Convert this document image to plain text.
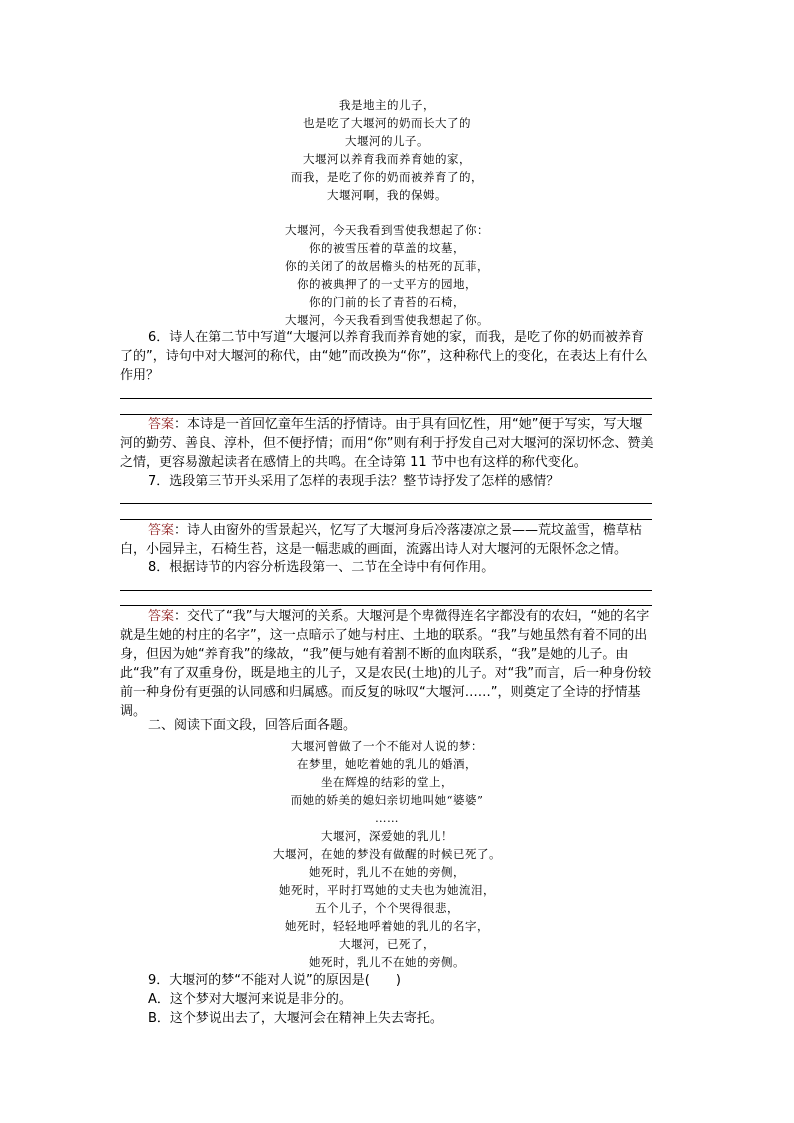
我是地主的儿子，
也是吃了大堰河的奶而长大了的
大堰河的儿子。
大堰河以养育我而养育她的家，
而我，是吃了你的奶而被养育了的，
大堰河啊，我的保姆。
大堰河，今天我看到雪使我想起了你：
你的被雪压着的草盖的坟墓，
你的关闭了的故居檐头的枯死的瓦菲，
你的被典押了的一丈平方的园地，
你的门前的长了青苔的石椅，
大堰河，今天我看到雪使我想起了你。

6．诗人在第二节中写道“大堰河以养育我而养育她的家，而我，是吃了你的奶而被养育了的”，诗句中对大堰河的称代，由“她”而改换为“你”，这种称代上的变化，在表达上有什么作用？

答案：本诗是一首回忆童年生活的抒情诗。由于具有回忆性，用“她”便于写实，写大堰河的勤劳、善良、淳朴，但不便抒情；而用“你”则有利于抒发自己对大堰河的深切怀念、赞美之情，更容易激起读者在感情上的共鸣。在全诗第 11 节中也有这样的称代变化。

7．选段第三节开头采用了怎样的表现手法？整节诗抒发了怎样的感情？

答案：诗人由窗外的雪景起兴，忆写了大堰河身后冷落凄凉之景——荒坟盖雪，檐草枯白，小园异主，石椅生苔，这是一幅悲戚的画面，流露出诗人对大堰河的无限怀念之情。

8．根据诗节的内容分析选段第一、二节在全诗中有何作用。

答案：交代了“我”与大堰河的关系。大堰河是个卑微得连名字都没有的农妇，“她的名字就是生她的村庄的名字”，这一点暗示了她与村庄、土地的联系。“我”与她虽然有着不同的出身，但因为她“养育我”的缘故，“我”便与她有着割不断的血肉联系，“我”是她的儿子。由此“我”有了双重身份，既是地主的儿子，又是农民(土地)的儿子。对“我”而言，后一种身份较前一种身份有更强的认同感和归属感。而反复的咏叹“大堰河……”，则奠定了全诗的抒情基调。

二、阅读下面文段，回答后面各题。

大堰河曾做了一个不能对人说的梦：
在梦里，她吃着她的乳儿的婚酒，
坐在辉煌的结彩的堂上，
而她的娇美的媳妇亲切地叫她“婆婆”
……
大堰河，深爱她的乳儿！
大堰河，在她的梦没有做醒的时候已死了。
她死时，乳儿不在她的旁侧，
她死时，平时打骂她的丈夫也为她流泪，
五个儿子，个个哭得很悲，
她死时，轻轻地呼着她的乳儿的名字，
大堰河，已死了，
她死时，乳儿不在她的旁侧。

9．大堰河的梦“不能对人说”的原因是(　　)

A．这个梦对大堰河来说是非分的。

B．这个梦说出去了，大堰河会在精神上失去寄托。
